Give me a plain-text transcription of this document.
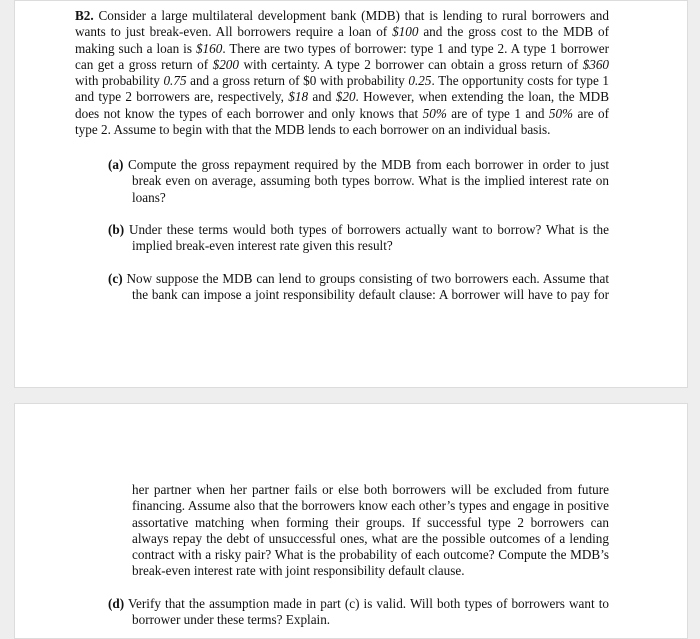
B2. Consider a large multilateral development bank (MDB) that is lending to rural borrowers and wants to just break-even. All borrowers require a loan of $100 and the gross cost to the MDB of making such a loan is $160. There are two types of borrower: type 1 and type 2. A type 1 borrower can get a gross return of $200 with certainty. A type 2 borrower can obtain a gross return of $360 with probability 0.75 and a gross return of $0 with probability 0.25. The opportunity costs for type 1 and type 2 borrowers are, respectively, $18 and $20. However, when extending the loan, the MDB does not know the types of each borrower and only knows that 50% are of type 1 and 50% are of type 2. Assume to begin with that the MDB lends to each borrower on an individual basis.

(a) Compute the gross repayment required by the MDB from each borrower in order to just break even on average, assuming both types borrow. What is the implied interest rate on loans?

(b) Under these terms would both types of borrowers actually want to borrow? What is the implied break-even interest rate given this result?

(c) Now suppose the MDB can lend to groups consisting of two borrowers each. Assume that the bank can impose a joint responsibility default clause: A borrower will have to pay for

her partner when her partner fails or else both borrowers will be excluded from future financing. Assume also that the borrowers know each other’s types and engage in positive assortative matching when forming their groups. If successful type 2 borrowers can always repay the debt of unsuccessful ones, what are the possible outcomes of a lending contract with a risky pair? What is the probability of each outcome? Compute the MDB’s break-even interest rate with joint responsibility default clause.

(d) Verify that the assumption made in part (c) is valid. Will both types of borrowers want to borrower under these terms? Explain.
